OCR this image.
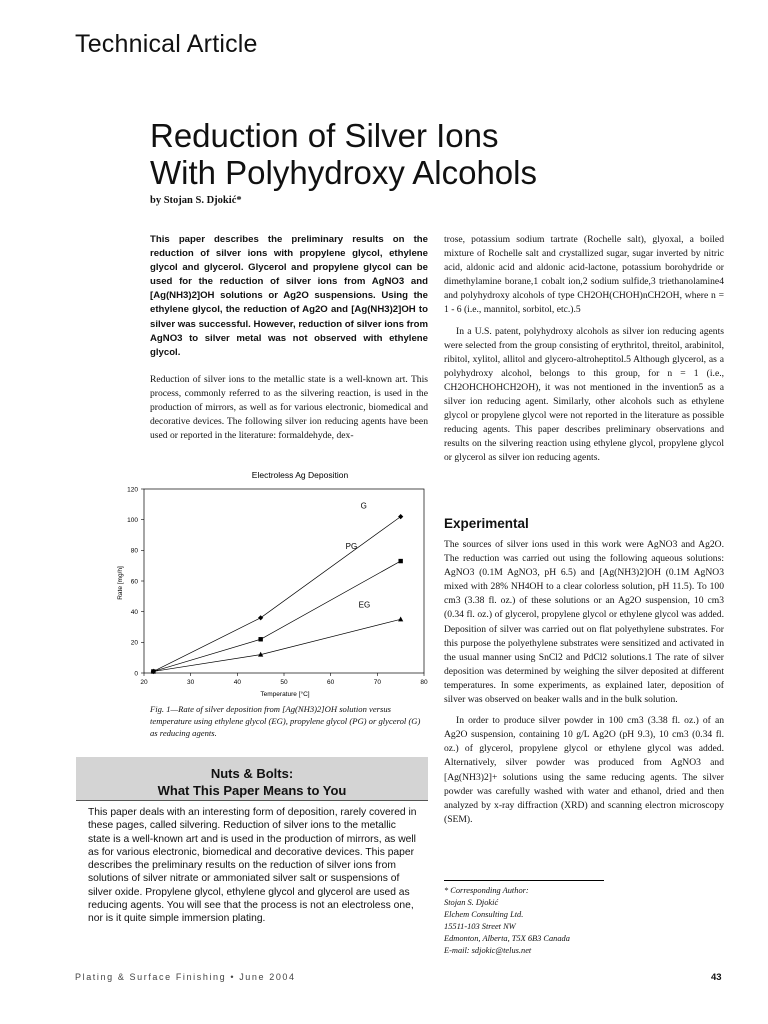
Technical Article
Reduction of Silver Ions
With Polyhydroxy Alcohols
by Stojan S. Djokić*
This paper describes the preliminary results on the reduction of silver ions with propylene glycol, ethylene glycol and glycerol. Glycerol and propylene glycol can be used for the reduction of silver ions from AgNO3 and [Ag(NH3)2]OH solutions or Ag2O suspensions. Using the ethylene glycol, the reduction of Ag2O and [Ag(NH3)2]OH to silver was successful. However, reduction of silver ions from AgNO3 to silver metal was not observed with ethylene glycol.

Reduction of silver ions to the metallic state is a well-known art. This process, commonly referred to as the silvering reaction, is used in the production of mirrors, as well as for various electronic, biomedical and decorative devices. The following silver ion reducing agents have been used or reported in the literature: formaldehyde, dex-

Electroless Ag Deposition
20	30	40	50	60	70	80
0
20
40
60
80
100
120
G
PG
EG
Temperature [°C]
Rate [mg/h]
Fig. 1—Rate of silver deposition from [Ag(NH3)2]OH solution versus temperature using ethylene glycol (EG), propylene glycol (PG) or glycerol (G) as reducing agents.
Nuts & Bolts:
What This Paper Means to You
This paper deals with an interesting form of deposition, rarely covered in these pages, called silvering. Reduction of silver ions to the metallic state is a well-known art and is used in the production of mirrors, as well as for various electronic, biomedical and decorative devices. This paper describes the preliminary results on the reduction of silver ions from solutions of silver nitrate or ammoniated silver salt or suspensions of silver oxide. Propylene glycol, ethylene glycol and glycerol are used as reducing agents. You will see that the process is not an electroless one, nor is it quite simple immersion plating.

trose, potassium sodium tartrate (Rochelle salt), glyoxal, a boiled mixture of Rochelle salt and crystallized sugar, sugar inverted by nitric acid, aldonic acid and aldonic acid-lactone, potassium borohydride or dimethylamine borane,1 cobalt ion,2 sodium sulfide,3 triethanolamine4 and polyhydroxy alcohols of type CH2OH(CHOH)nCH2OH, where n = 1 - 6 (i.e., mannitol, sorbitol, etc.).5

In a U.S. patent, polyhydroxy alcohols as silver ion reducing agents were selected from the group consisting of erythritol, threitol, arabinitol, ribitol, xylitol, allitol and glycero-altroheptitol.5 Although glycerol, as a polyhydroxy alcohol, belongs to this group, for n = 1 (i.e., CH2OHCHOHCH2OH), it was not mentioned in the invention5 as a silver ion reducing agent. Similarly, other alcohols such as ethylene glycol or propylene glycol were not reported in the literature as possible reducing agents. This paper describes preliminary observations and results on the silvering reaction using ethylene glycol, propylene glycol or glycerol as silver ion reducing agents.

Experimental

The sources of silver ions used in this work were AgNO3 and Ag2O. The reduction was carried out using the following aqueous solutions: AgNO3 (0.1M AgNO3, pH 6.5) and [Ag(NH3)2]OH (0.1M AgNO3 mixed with 28% NH4OH to a clear colorless solution, pH 11.5). To 100 cm3 (3.38 fl. oz.) of these solutions or an Ag2O suspension, 10 cm3 (0.34 fl. oz.) of glycerol, propylene glycol or ethylene glycol was added. Deposition of silver was carried out on flat polyethylene substrates. For this purpose the polyethylene substrates were sensitized and activated in the usual manner using SnCl2 and PdCl2 solutions.1 The rate of silver deposition was determined by weighing the silver deposited at different temperatures. In some experiments, as explained later, deposition of silver was observed on beaker walls and in the bulk solution.

In order to produce silver powder in 100 cm3 (3.38 fl. oz.) of an Ag2O suspension, containing 10 g/L Ag2O (pH 9.3), 10 cm3 (0.34 fl. oz.) of glycerol, propylene glycol or ethylene glycol was added. Alternatively, silver powder was produced from AgNO3 and [Ag(NH3)2]+ solutions using the same reducing agents. The silver powder was carefully washed with water and ethanol, dried and then analyzed by x-ray diffraction (XRD) and scanning electron microscopy (SEM).

* Corresponding Author:
Stojan S. Djokić
Elchem Consulting Ltd.
15511-103 Street NW
Edmonton, Alberta, T5X 6B3 Canada
E-mail: sdjokic@telus.net
Plating & Surface Finishing • June 2004	43
